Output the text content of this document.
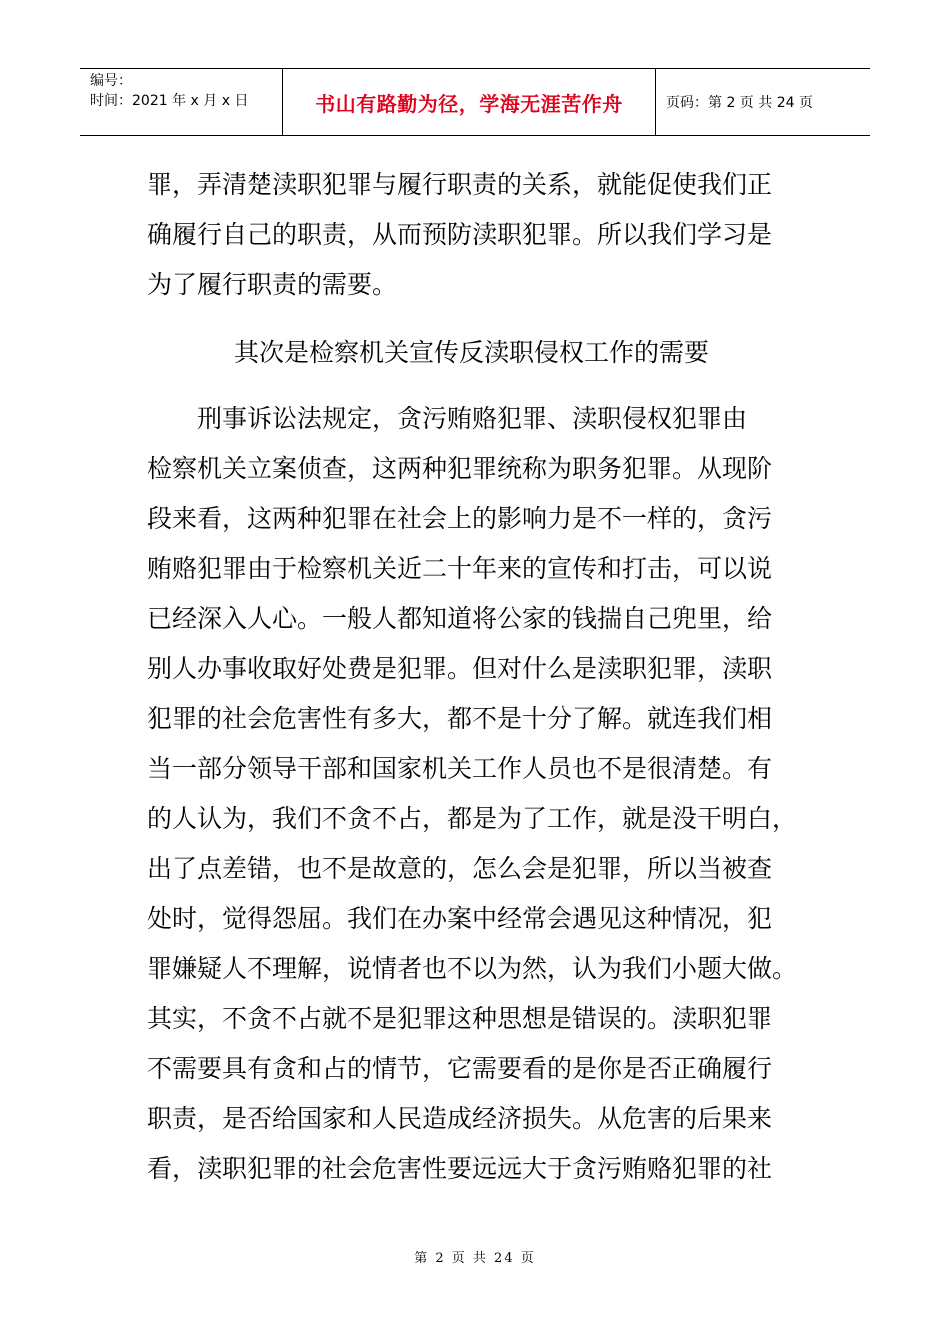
编号：
时间：2021 年 x 月 x 日	书山有路勤为径，学海无涯苦作舟	页码：第 2 页 共 24 页

罪，弄清楚渎职犯罪与履行职责的关系，就能促使我们正

确履行自己的职责，从而预防渎职犯罪。所以我们学习是

为了履行职责的需要。

其次是检察机关宣传反渎职侵权工作的需要

　　刑事诉讼法规定，贪污贿赂犯罪、渎职侵权犯罪由

检察机关立案侦查，这两种犯罪统称为职务犯罪。从现阶

段来看，这两种犯罪在社会上的影响力是不一样的，贪污

贿赂犯罪由于检察机关近二十年来的宣传和打击，可以说

已经深入人心。一般人都知道将公家的钱揣自己兜里，给

别人办事收取好处费是犯罪。但对什么是渎职犯罪，渎职

犯罪的社会危害性有多大，都不是十分了解。就连我们相

当一部分领导干部和国家机关工作人员也不是很清楚。有

的人认为，我们不贪不占，都是为了工作，就是没干明白，

出了点差错，也不是故意的，怎么会是犯罪，所以当被查

处时，觉得怨屈。我们在办案中经常会遇见这种情况，犯

罪嫌疑人不理解，说情者也不以为然，认为我们小题大做。

其实，不贪不占就不是犯罪这种思想是错误的。渎职犯罪

不需要具有贪和占的情节，它需要看的是你是否正确履行

职责，是否给国家和人民造成经济损失。从危害的后果来

看，渎职犯罪的社会危害性要远远大于贪污贿赂犯罪的社

第 2 页 共 24 页
